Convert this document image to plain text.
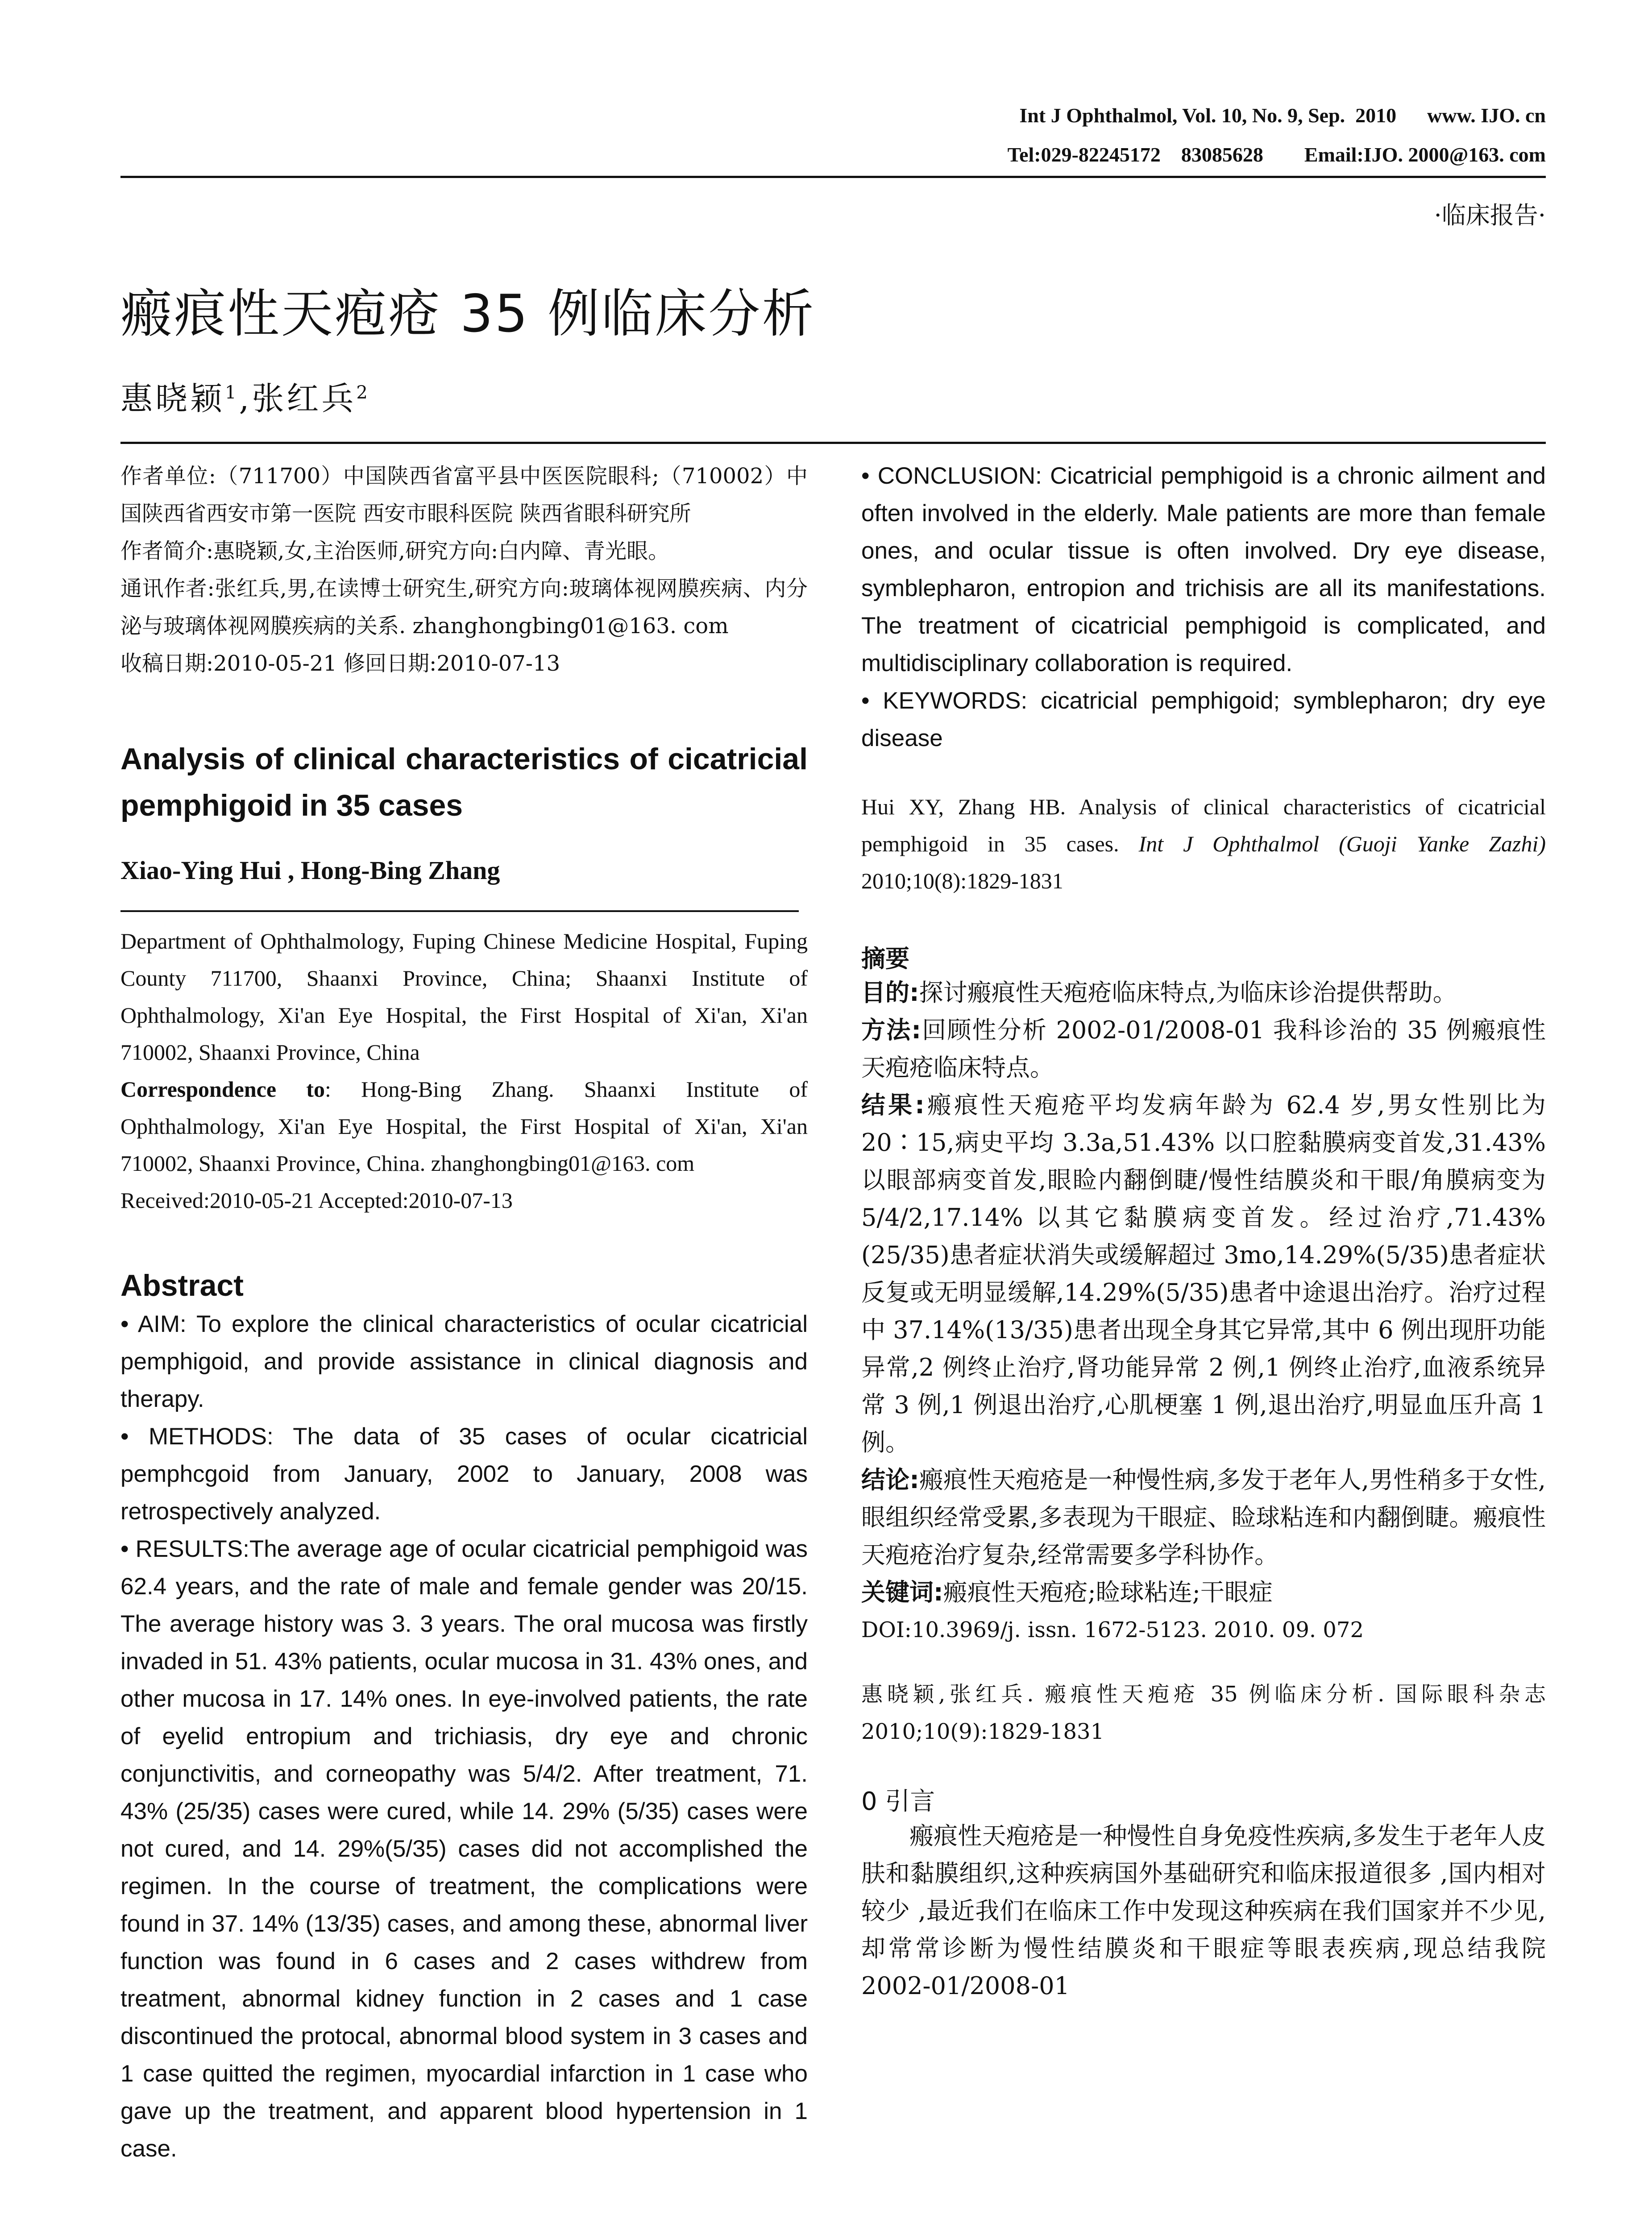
Int J Ophthalmol, Vol. 10, No. 9, Sep.  2010      www. IJO. cn
Tel:029-82245172    83085628        Email:IJO. 2000@163. com
·临床报告·
瘢痕性天疱疮 35 例临床分析
惠晓颖$^1$,张红兵$^2$

作者单位:（711700）中国陕西省富平县中医医院眼科;（710002）中国陕西省西安市第一医院 西安市眼科医院 陕西省眼科研究所

作者简介:惠晓颖,女,主治医师,研究方向:白内障、青光眼。

通讯作者:张红兵,男,在读博士研究生,研究方向:玻璃体视网膜疾病、内分泌与玻璃体视网膜疾病的关系. zhanghongbing01@163. com

收稿日期:2010-05-21 修回日期:2010-07-13

Analysis of clinical characteristics of cicatricial pemphigoid in 35 cases

Xiao-Ying Hui , Hong-Bing Zhang

Department of Ophthalmology, Fuping Chinese Medicine Hospital, Fuping County 711700, Shaanxi Province, China; Shaanxi Institute of Ophthalmology, Xi'an Eye Hospital, the First Hospital of Xi'an, Xi'an 710002, Shaanxi Province, China

Correspondence to: Hong-Bing Zhang. Shaanxi Institute of Ophthalmology, Xi'an Eye Hospital, the First Hospital of Xi'an, Xi'an 710002, Shaanxi Province, China. zhanghongbing01@163. com

Received:2010-05-21 Accepted:2010-07-13

Abstract

• AIM: To explore the clinical characteristics of ocular cicatricial pemphigoid, and provide assistance in clinical diagnosis and therapy.

• METHODS: The data of 35 cases of ocular cicatricial pemphcgoid from January, 2002 to January, 2008 was retrospectively analyzed.

• RESULTS:The average age of ocular cicatricial pemphigoid was 62.4 years, and the rate of male and female gender was 20/15. The average history was 3. 3 years. The oral mucosa was firstly invaded in 51. 43% patients, ocular mucosa in 31. 43% ones, and other mucosa in 17. 14% ones. In eye-involved patients, the rate of eyelid entropium and trichiasis, dry eye and chronic conjunctivitis, and corneopathy was 5/4/2. After treatment, 71. 43% (25/35) cases were cured, while 14. 29% (5/35) cases were not cured, and 14. 29%(5/35) cases did not accomplished the regimen. In the course of treatment, the complications were found in 37. 14% (13/35) cases, and among these, abnormal liver function was found in 6 cases and 2 cases withdrew from treatment, abnormal kidney function in 2 cases and 1 case discontinued the protocal, abnormal blood system in 3 cases and 1 case quitted the regimen, myocardial infarction in 1 case who gave up the treatment, and apparent blood hypertension in 1 case.

• CONCLUSION: Cicatricial pemphigoid is a chronic ailment and often involved in the elderly. Male patients are more than female ones, and ocular tissue is often involved. Dry eye disease, symblepharon, entropion and trichisis are all its manifestations. The treatment of cicatricial pemphigoid is complicated, and multidisciplinary collaboration is required.

• KEYWORDS: cicatricial pemphigoid; symblepharon; dry eye disease

Hui XY, Zhang HB. Analysis of clinical characteristics of cicatricial pemphigoid in 35 cases. Int J Ophthalmol (Guoji Yanke Zazhi) 2010;10(8):1829-1831

摘要

目的:探讨瘢痕性天疱疮临床特点,为临床诊治提供帮助。

方法:回顾性分析 2002-01/2008-01 我科诊治的 35 例瘢痕性天疱疮临床特点。

结果:瘢痕性天疱疮平均发病年龄为 62.4 岁,男女性别比为 20∶15,病史平均 3.3a,51.43% 以口腔黏膜病变首发,31.43% 以眼部病变首发,眼睑内翻倒睫/慢性结膜炎和干眼/角膜病变为 5/4/2,17.14% 以其它黏膜病变首发。经过治疗,71.43%(25/35)患者症状消失或缓解超过 3mo,14.29%(5/35)患者症状反复或无明显缓解,14.29%(5/35)患者中途退出治疗。治疗过程中 37.14%(13/35)患者出现全身其它异常,其中 6 例出现肝功能异常,2 例终止治疗,肾功能异常 2 例,1 例终止治疗,血液系统异常 3 例,1 例退出治疗,心肌梗塞 1 例,退出治疗,明显血压升高 1 例。

结论:瘢痕性天疱疮是一种慢性病,多发于老年人,男性稍多于女性,眼组织经常受累,多表现为干眼症、睑球粘连和内翻倒睫。瘢痕性天疱疮治疗复杂,经常需要多学科协作。

关键词:瘢痕性天疱疮;睑球粘连;干眼症

DOI:10.3969/j. issn. 1672-5123. 2010. 09. 072

惠晓颖,张红兵. 瘢痕性天疱疮 35 例临床分析. 国际眼科杂志 2010;10(9):1829-1831

0 引言

瘢痕性天疱疮是一种慢性自身免疫性疾病,多发生于老年人皮肤和黏膜组织,这种疾病国外基础研究和临床报道很多 ,国内相对较少 ,最近我们在临床工作中发现这种疾病在我们国家并不少见,却常常诊断为慢性结膜炎和干眼症等眼表疾病,现总结我院 2002-01/2008-01
